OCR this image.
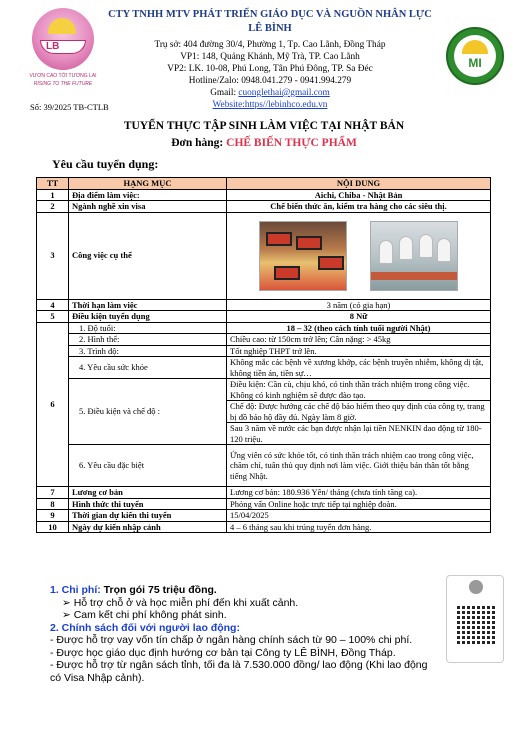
LB
VƯƠN CAO TỚI TƯƠNG LAI
RISING TO THE FUTURE
MI
CTY TNHH MTV PHÁT TRIỂN GIÁO DỤC VÀ NGUỒN NHÂN LỰC LÊ BÌNH
Trụ sở: 404 đường 30/4, Phường 1, Tp. Cao Lãnh, Đồng Tháp
VP1: 148, Quảng Khánh, Mỹ Trà, TP. Cao Lãnh
VP2: LK. 10-08, Phú Long, Tân Phú Đông, TP. Sa Đéc
Hotline/Zalo: 0948.041.279 - 0941.994.279
Gmail: cuonglethai@gmail.com
Website:https//lebinhco.edu.vn
Số: 39/2025 TB-CTLB
TUYỂN THỰC TẬP SINH LÀM VIỆC TẠI NHẬT BẢN
Đơn hàng: CHẾ BIẾN THỰC PHẨM
Yêu cầu tuyển dụng:
TT	HẠNG MỤC	NỘI DUNG
1	Địa điểm làm việc:	Aichi, Chiba - Nhật Bản
2	Ngành nghề xin visa	Chế biến thức ăn, kiểm tra hàng cho các siêu thị.
3	Công việc cụ thể	

4	Thời hạn làm việc	3 năm (có gia hạn)
5	Điều kiện tuyển dụng	8 Nữ
6	1. Độ tuổi:	18 – 32 (theo cách tính tuổi người Nhật)
	2. Hình thể:	Chiều cao: từ 150cm trở lên; Cân nặng: > 45kg
	3. Trình độ:	Tốt nghiệp THPT trở lên.
	4. Yêu cầu sức khỏe	Không mắc các bệnh về xương khớp, các bệnh truyền nhiễm, không dị tật, không tiền án, tiền sự…
	5. Điều kiện và chế độ :	Điều kiện: Cần cù, chịu khó, có tinh thần trách nhiệm trong công việc. Không có kinh nghiệm sẽ được đào tạo.
		Chế độ: Được hưởng các chế độ bảo hiểm theo quy định của công ty, trang bị đồ bảo hộ đầy đủ. Ngày làm 8 giờ.
		Sau 3 năm về nước các bạn được nhận lại tiền NENKIN dao động từ 180-120 triệu.
	6. Yêu cầu đặc biệt	Ứng viên có sức khỏe tốt, có tinh thần trách nhiệm cao trong công việc, chăm chỉ, tuân thủ quy định nơi làm việc. Giới thiệu bản thân tốt bằng tiếng Nhật.
7	Lương cơ bản	Lương cơ bản: 180.936 Yên/ tháng (chưa tính tăng ca).
8	Hình thức thi tuyển	Phỏng vấn Online hoặc trực tiếp tại nghiệp đoàn.
9	Thời gian dự kiến thi tuyển	15/04/2025
10	Ngày dự kiến nhập cảnh	4 – 6 tháng sau khi trúng tuyển đơn hàng.
1. Chi phí: Trọn gói 75 triệu đồng.
➢ Hỗ trợ chỗ ở và học miễn phí đến khi xuất cảnh.
➢ Cam kết chi phí không phát sinh.
2. Chính sách đối với người lao động:
- Được hỗ trợ vay vốn tín chấp ở ngân hàng chính sách từ 90 – 100% chi phí.
- Được học giáo dục định hướng cơ bản tại Công ty LÊ BÌNH, Đồng Tháp.
- Được hỗ trợ từ ngân sách tỉnh, tối đa là 7.530.000 đồng/ lao động (Khi lao động có Visa Nhập cảnh).
